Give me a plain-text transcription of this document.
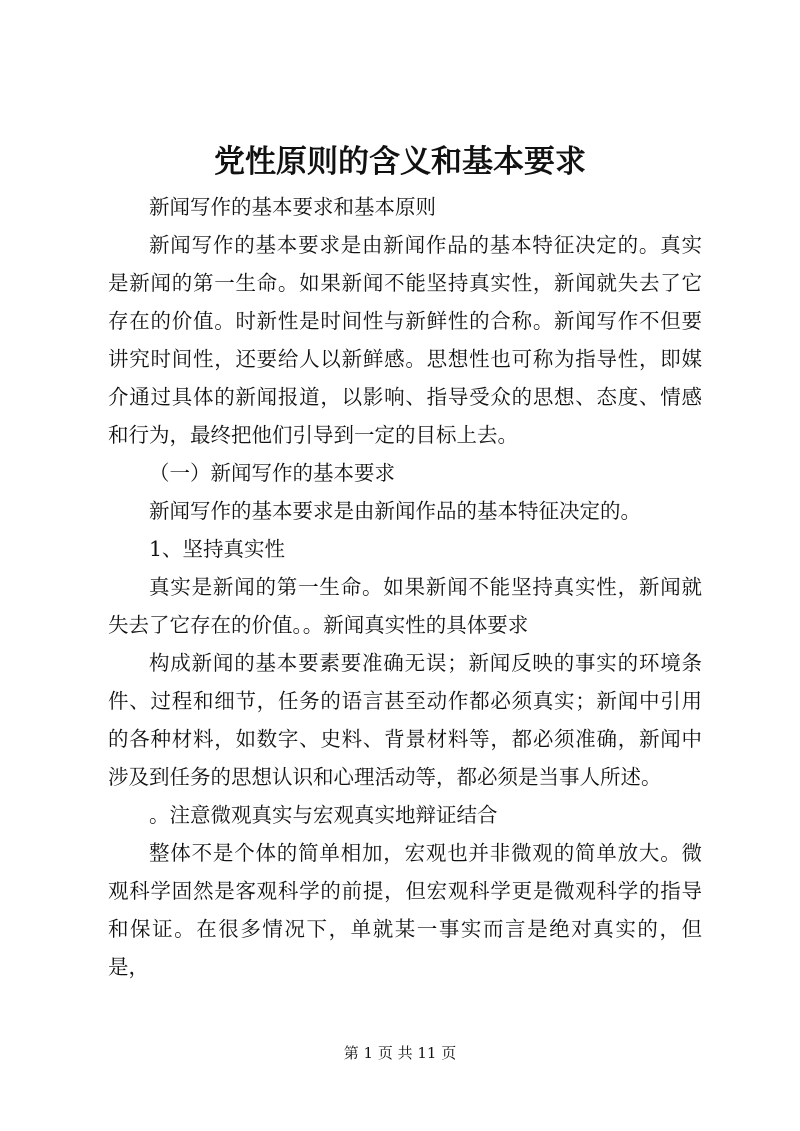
党性原则的含义和基本要求

新闻写作的基本要求和基本原则

新闻写作的基本要求是由新闻作品的基本特征决定的。真实是新闻的第一生命。如果新闻不能坚持真实性，新闻就失去了它存在的价值。时新性是时间性与新鲜性的合称。新闻写作不但要讲究时间性，还要给人以新鲜感。思想性也可称为指导性，即媒介通过具体的新闻报道，以影响、指导受众的思想、态度、情感和行为，最终把他们引导到一定的目标上去。

（一）新闻写作的基本要求

新闻写作的基本要求是由新闻作品的基本特征决定的。

1、坚持真实性

真实是新闻的第一生命。如果新闻不能坚持真实性，新闻就失去了它存在的价值。。新闻真实性的具体要求

构成新闻的基本要素要准确无误；新闻反映的事实的环境条件、过程和细节，任务的语言甚至动作都必须真实；新闻中引用的各种材料，如数字、史料、背景材料等，都必须准确，新闻中涉及到任务的思想认识和心理活动等，都必须是当事人所述。

。注意微观真实与宏观真实地辩证结合

整体不是个体的简单相加，宏观也并非微观的简单放大。微观科学固然是客观科学的前提，但宏观科学更是微观科学的指导和保证。在很多情况下，单就某一事实而言是绝对真实的，但是，

第 1 页 共 11 页
